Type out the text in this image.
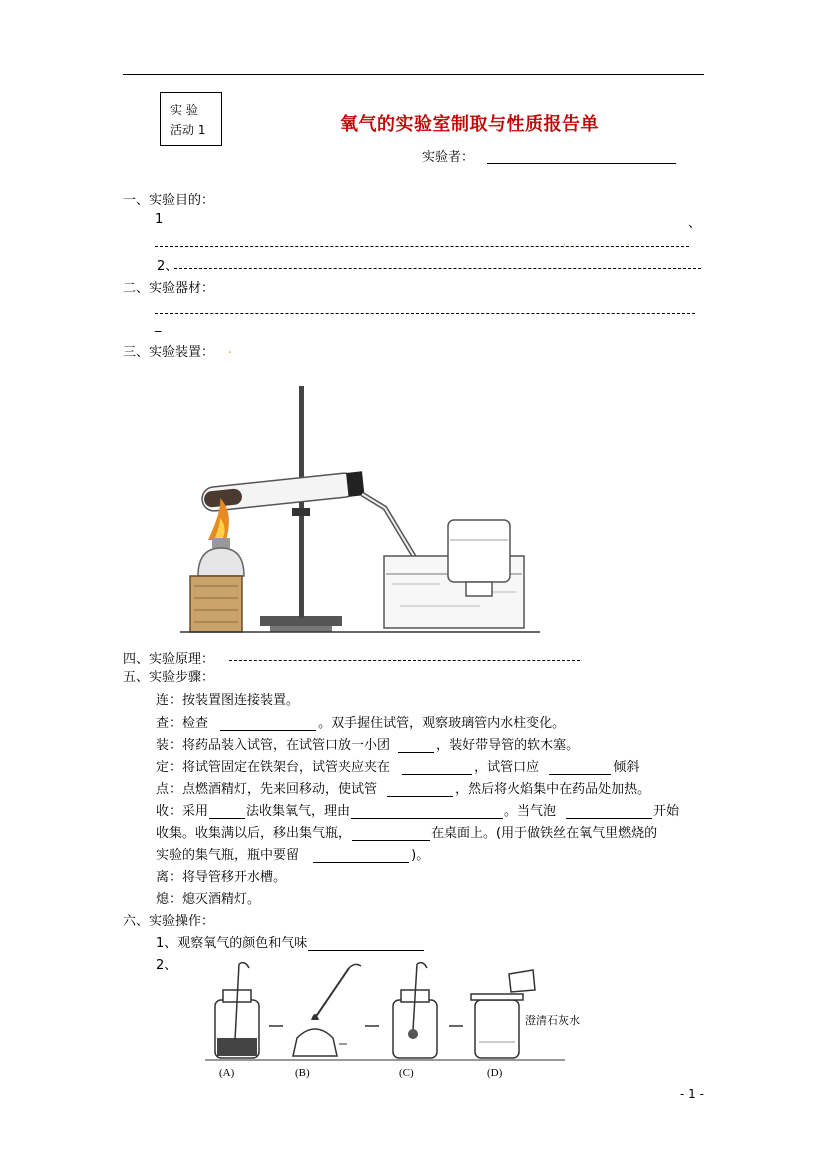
实 验
活动 1	氧气的实验室制取与性质报告单
实验者：
一、实验目的：
1	、
.	.
2、
二、实验器材：
_
三、实验装置： .
四、实验原理：
五、实验步骤：
连：按装置图连接装置。
查：检查	。双手握住试管，观察玻璃管内水柱变化。
装：将药品装入试管，在试管口放一小团	，装好带导管的软木塞。
定：将试管固定在铁架台，试管夹应夹在	，试管口应	倾斜
点：点燃酒精灯，先来回移动，使试管	，然后将火焰集中在药品处加热。
收：采用	法收集氧气，理由	。当气泡	开始
收集。收集满以后，移出集气瓶，	在桌面上。(用于做铁丝在氧气里燃烧的
实验的集气瓶，瓶中要留	)。
离：将导管移开水槽。
熄：熄灭酒精灯。
六、实验操作：
1、观察氧气的颜色和气味
2、
(A)	(B)	(C)	(D)
澄清石灰水
- 1 -
